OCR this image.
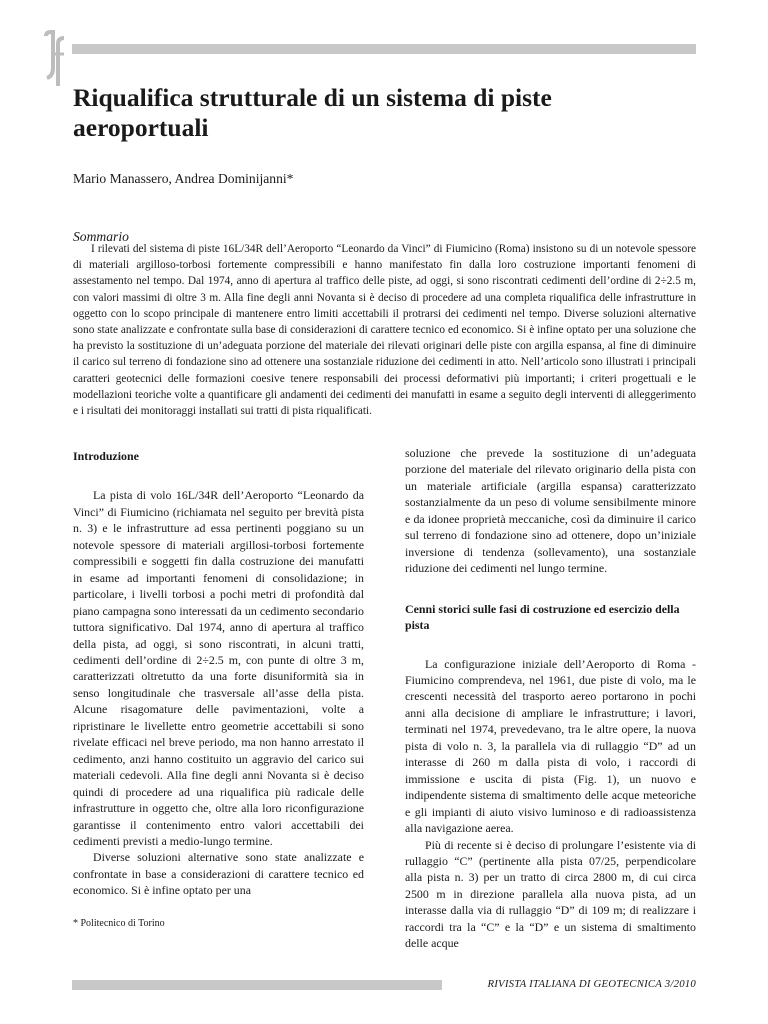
Riqualifica strutturale di un sistema di piste aeroportuali
Mario Manassero, Andrea Dominijanni*
Sommario

I rilevati del sistema di piste 16L/34R dell’Aeroporto “Leonardo da Vinci” di Fiumicino (Roma) insistono su di un notevole spessore di materiali argilloso-torbosi fortemente compressibili e hanno manifestato fin dalla loro costruzione importanti fenomeni di assestamento nel tempo. Dal 1974, anno di apertura al traffico delle piste, ad oggi, si sono riscontrati cedimenti dell’ordine di 2÷2.5 m, con valori massimi di oltre 3 m. Alla fine degli anni Novanta si è deciso di procedere ad una completa riqualifica delle infrastrutture in oggetto con lo scopo principale di mantenere entro limiti accettabili il protrarsi dei cedimenti nel tempo. Diverse soluzioni alternative sono state analizzate e confrontate sulla base di considerazioni di carattere tecnico ed economico. Si è infine optato per una soluzione che ha previsto la sostituzione di un’adeguata porzione del materiale dei rilevati originari delle piste con argilla espansa, al fine di diminuire il carico sul terreno di fondazione sino ad ottenere una sostanziale riduzione dei cedimenti in atto. Nell’articolo sono illustrati i principali caratteri geotecnici delle formazioni coesive tenere responsabili dei processi deformativi più importanti; i criteri progettuali e le modellazioni teoriche volte a quantificare gli andamenti dei cedimenti dei manufatti in esame a seguito degli interventi di alleggerimento e i risultati dei monitoraggi installati sui tratti di pista riqualificati.

Introduzione

La pista di volo 16L/34R dell’Aeroporto “Leonardo da Vinci” di Fiumicino (richiamata nel seguito per brevità pista n. 3) e le infrastrutture ad essa pertinenti poggiano su un notevole spessore di materiali argillosi-torbosi fortemente compressibili e soggetti fin dalla costruzione dei manufatti in esame ad importanti fenomeni di consolidazione; in particolare, i livelli torbosi a pochi metri di profondità dal piano campagna sono interessati da un cedimento secondario tuttora significativo. Dal 1974, anno di apertura al traffico della pista, ad oggi, si sono riscontrati, in alcuni tratti, cedimenti dell’ordine di 2÷2.5 m, con punte di oltre 3 m, caratterizzati oltretutto da una forte disuniformità sia in senso longitudinale che trasversale all’asse della pista. Alcune risagomature delle pavimentazioni, volte a ripristinare le livellette entro geometrie accettabili si sono rivelate efficaci nel breve periodo, ma non hanno arrestato il cedimento, anzi hanno costituito un aggravio del carico sui materiali cedevoli. Alla fine degli anni Novanta si è deciso quindi di procedere ad una riqualifica più radicale delle infrastrutture in oggetto che, oltre alla loro riconfigurazione garantisse il contenimento entro valori accettabili dei cedimenti previsti a medio-lungo termine.

Diverse soluzioni alternative sono state analizzate e confrontate in base a considerazioni di carattere tecnico ed economico. Si è infine optato per una

soluzione che prevede la sostituzione di un’adeguata porzione del materiale del rilevato originario della pista con un materiale artificiale (argilla espansa) caratterizzato sostanzialmente da un peso di volume sensibilmente minore e da idonee proprietà meccaniche, così da diminuire il carico sul terreno di fondazione sino ad ottenere, dopo un’iniziale inversione di tendenza (sollevamento), una sostanziale riduzione dei cedimenti nel lungo termine.

Cenni storici sulle fasi di costruzione ed esercizio della pista

La configurazione iniziale dell’Aeroporto di Roma - Fiumicino comprendeva, nel 1961, due piste di volo, ma le crescenti necessità del trasporto aereo portarono in pochi anni alla decisione di ampliare le infrastrutture; i lavori, terminati nel 1974, prevedevano, tra le altre opere, la nuova pista di volo n. 3, la parallela via di rullaggio “D” ad un interasse di 260 m dalla pista di volo, i raccordi di immissione e uscita di pista (Fig. 1), un nuovo e indipendente sistema di smaltimento delle acque meteoriche e gli impianti di aiuto visivo luminoso e di radioassistenza alla navigazione aerea.

Più di recente si è deciso di prolungare l’esistente via di rullaggio “C” (pertinente alla pista 07/25, perpendicolare alla pista n. 3) per un tratto di circa 2800 m, di cui circa 2500 m in direzione parallela alla nuova pista, ad un interasse dalla via di rullaggio “D” di 109 m; di realizzare i raccordi tra la “C” e la “D” e un sistema di smaltimento delle acque

* Politecnico di Torino
RIVISTA ITALIANA DI GEOTECNICA 3/2010
